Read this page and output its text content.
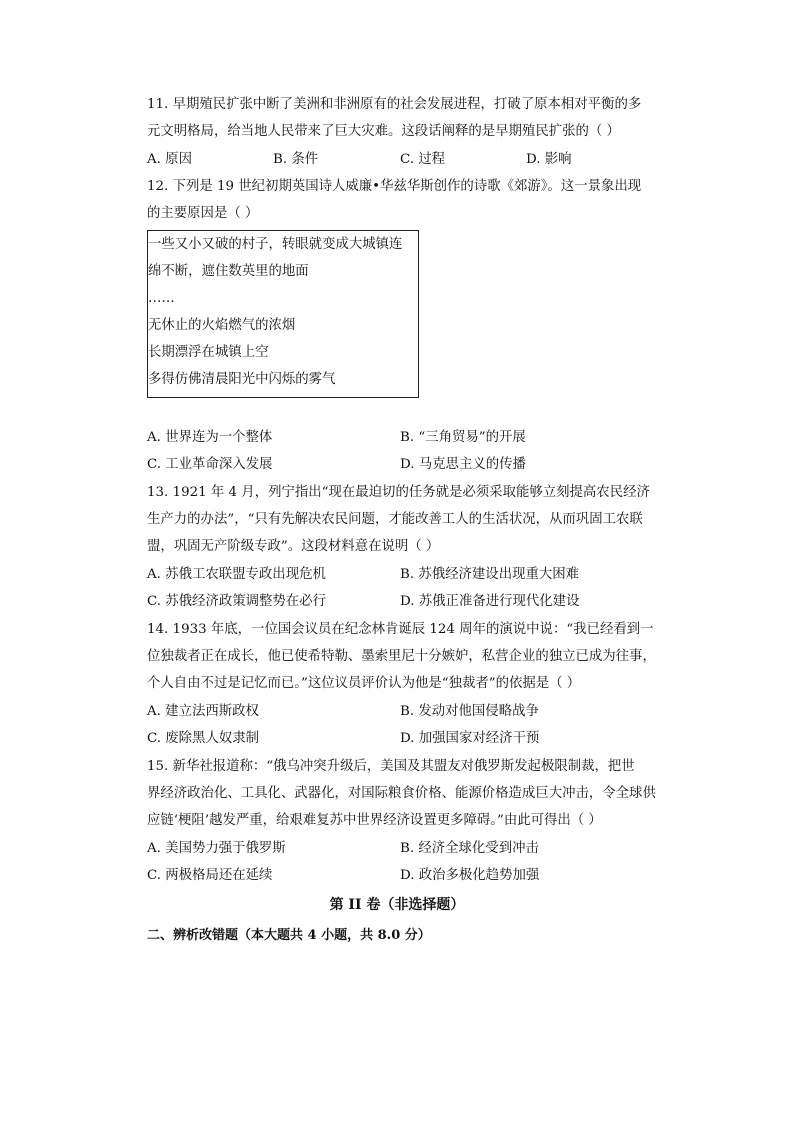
11. 早期殖民扩张中断了美洲和非洲原有的社会发展进程，打破了原本相对平衡的多
元文明格局，给当地人民带来了巨大灾难。这段话阐释的是早期殖民扩张的（ ）
A. 原因	B. 条件	C. 过程	D. 影响
12. 下列是 19 世纪初期英国诗人威廉•华兹华斯创作的诗歌《郊游》。这一景象出现
的主要原因是（ ）
一些又小又破的村子，转眼就变成大城镇连
绵不断，遮住数英里的地面
……
无休止的火焰燃气的浓烟
长期漂浮在城镇上空
多得仿佛清晨阳光中闪烁的雾气
A. 世界连为一个整体	B. “三角贸易”的开展
C. 工业革命深入发展	D. 马克思主义的传播
13. 1921 年 4 月，列宁指出“现在最迫切的任务就是必须采取能够立刻提高农民经济
生产力的办法”，“只有先解决农民问题，才能改善工人的生活状况，从而巩固工农联
盟，巩固无产阶级专政”。这段材料意在说明（ ）
A. 苏俄工农联盟专政出现危机	B. 苏俄经济建设出现重大困难
C. 苏俄经济政策调整势在必行	D. 苏俄正准备进行现代化建设
14. 1933 年底，一位国会议员在纪念林肯诞辰 124 周年的演说中说：“我已经看到一
位独裁者正在成长，他已使希特勒、墨索里尼十分嫉妒，私营企业的独立已成为往事，
个人自由不过是记忆而已。”这位议员评价认为他是“独裁者”的依据是（ ）
A. 建立法西斯政权	B. 发动对他国侵略战争
C. 废除黑人奴隶制	D. 加强国家对经济干预
15. 新华社报道称：“俄乌冲突升级后，美国及其盟友对俄罗斯发起极限制裁，把世
界经济政治化、工具化、武器化，对国际粮食价格、能源价格造成巨大冲击，令全球供
应链‘梗阻’越发严重，给艰难复苏中世界经济设置更多障碍。”由此可得出（ ）
A. 美国势力强于俄罗斯	B. 经济全球化受到冲击
C. 两极格局还在延续	D. 政治多极化趋势加强
第 II 卷（非选择题）
二、辨析改错题（本大题共 4 小题，共 8.0 分）
